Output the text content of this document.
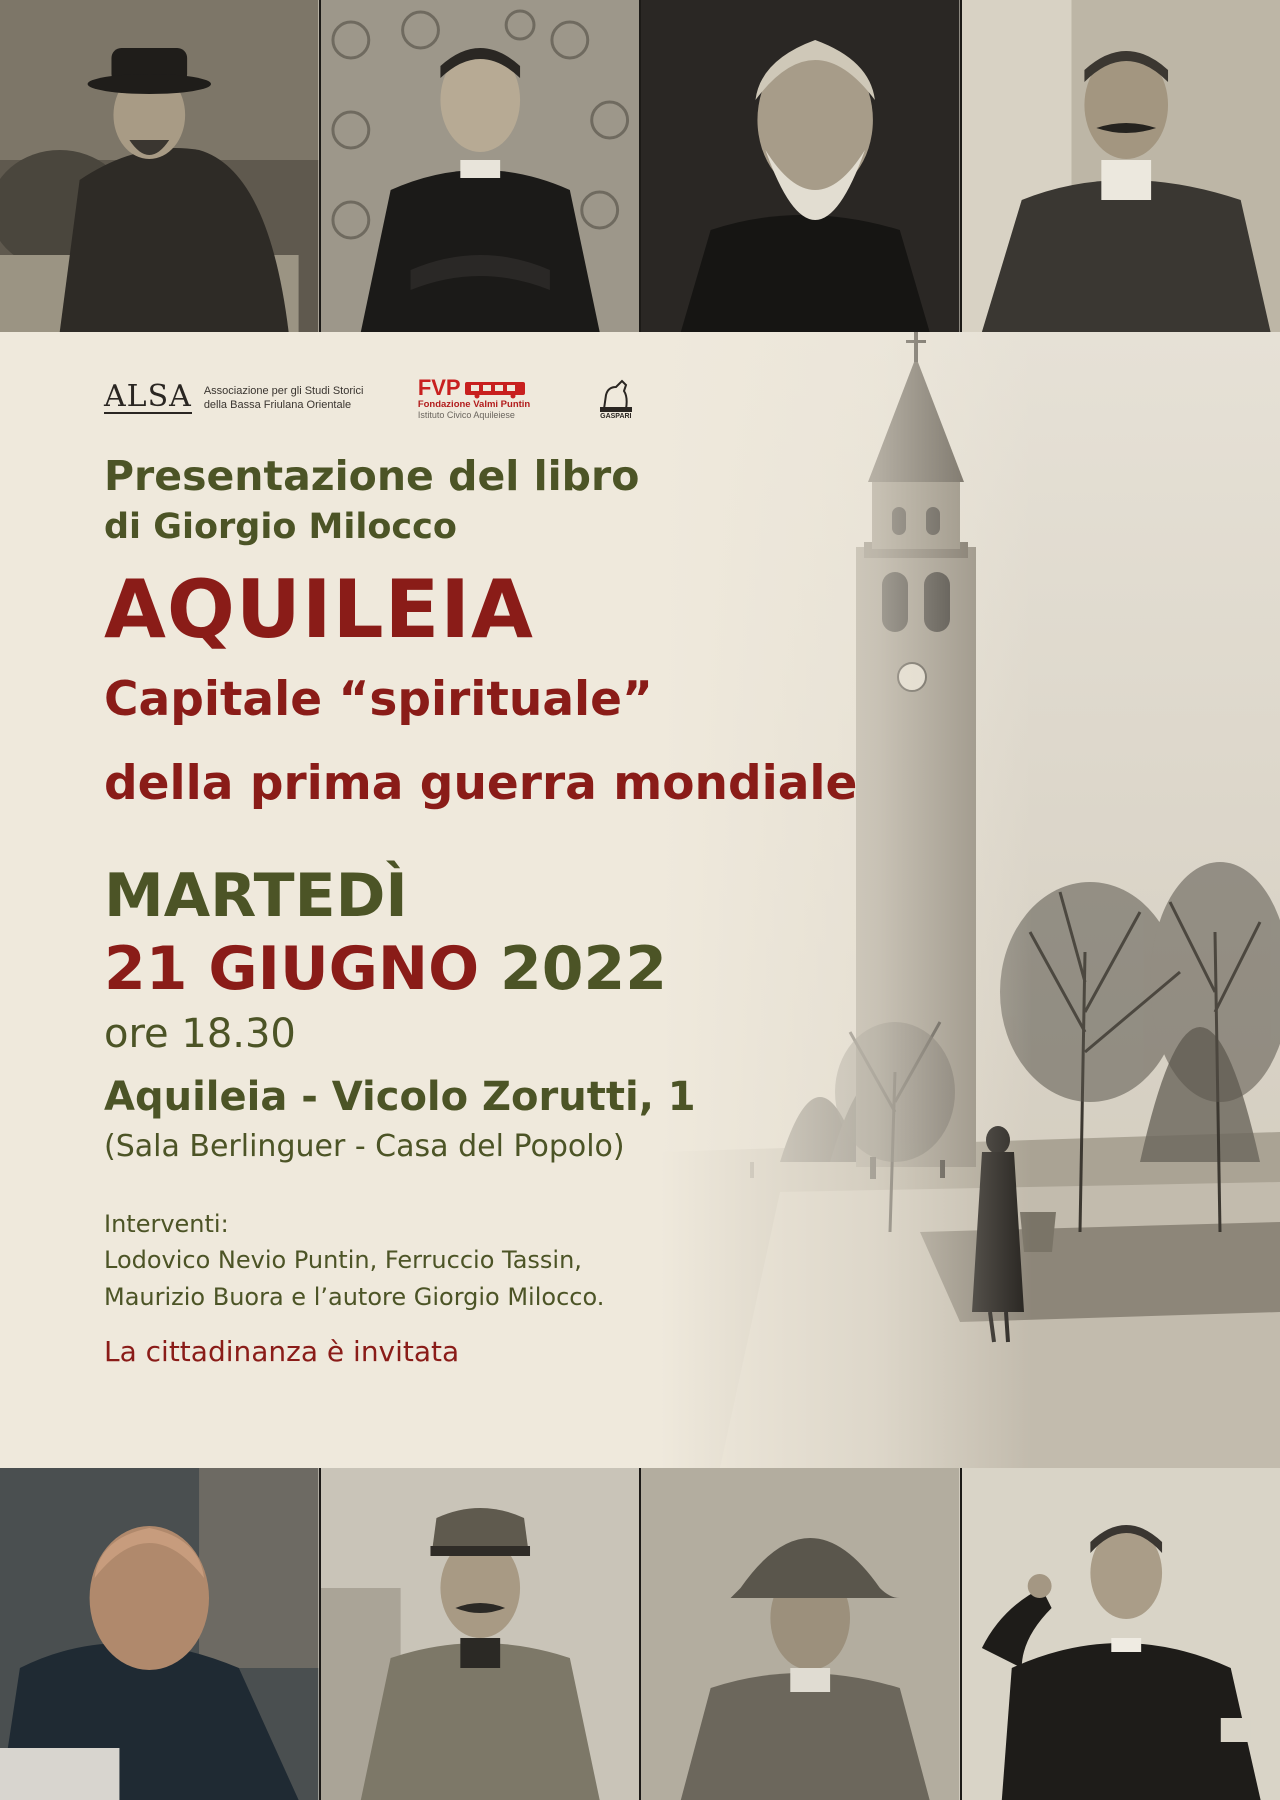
ALSA Associazione per gli Studi Storici
della Bassa Friulana Orientale
FVP
Fondazione Valmi Puntin
Istituto Civico Aquileiese	GASPARI

Presentazione del libro

di Giorgio Milocco

AQUILEIA

Capitale “spirituale”

della prima guerra mondiale

MARTEDÌ

21 GIUGNO 2022

ore 18.30

Aquileia - Vicolo Zorutti, 1

(Sala Berlinguer - Casa del Popolo)

Interventi:

Lodovico Nevio Puntin, Ferruccio Tassin,

Maurizio Buora e l’autore Giorgio Milocco.

La cittadinanza è invitata
